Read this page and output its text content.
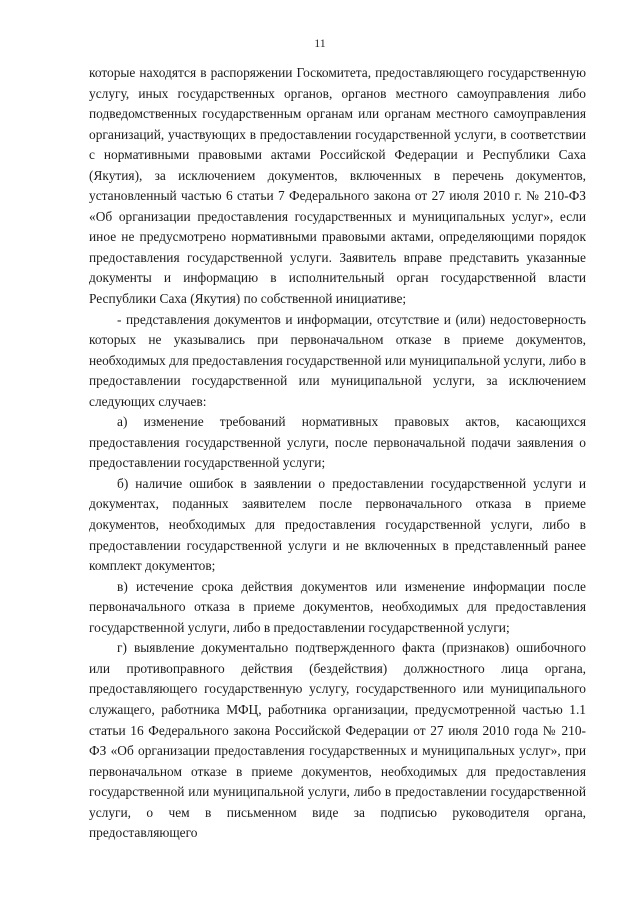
11

которые находятся в распоряжении Госкомитета, предоставляющего государственную услугу, иных государственных органов, органов местного самоуправления либо подведомственных государственным органам или органам местного самоуправления организаций, участвующих в предоставлении государственной услуги, в соответствии с нормативными правовыми актами Российской Федерации и Республики Саха (Якутия), за исключением документов, включенных в перечень документов, установленный частью 6 статьи 7 Федерального закона от 27 июля 2010 г. № 210-ФЗ «Об организации предоставления государственных и муниципальных услуг», если иное не предусмотрено нормативными правовыми актами, определяющими порядок предоставления государственной услуги. Заявитель вправе представить указанные документы и информацию в исполнительный орган государственной власти Республики Саха (Якутия) по собственной инициативе;

- представления документов и информации, отсутствие и (или) недостоверность которых не указывались при первоначальном отказе в приеме документов, необходимых для предоставления государственной или муниципальной услуги, либо в предоставлении государственной или муниципальной услуги, за исключением следующих случаев:

а) изменение требований нормативных правовых актов, касающихся предоставления государственной услуги, после первоначальной подачи заявления о предоставлении государственной услуги;

б) наличие ошибок в заявлении о предоставлении государственной услуги и документах, поданных заявителем после первоначального отказа в приеме документов, необходимых для предоставления государственной услуги, либо в предоставлении государственной услуги и не включенных в представленный ранее комплект документов;

в) истечение срока действия документов или изменение информации после первоначального отказа в приеме документов, необходимых для предоставления государственной услуги, либо в предоставлении государственной услуги;

г) выявление документально подтвержденного факта (признаков) ошибочного или противоправного действия (бездействия) должностного лица органа, предоставляющего государственную услугу, государственного или муниципального служащего, работника МФЦ, работника организации, предусмотренной частью 1.1 статьи 16 Федерального закона Российской Федерации от 27 июля 2010 года № 210-ФЗ «Об организации предоставления государственных и муниципальных услуг», при первоначальном отказе в приеме документов, необходимых для предоставления государственной или муниципальной услуги, либо в предоставлении государственной услуги, о чем в письменном виде за подписью руководителя органа, предоставляющего
